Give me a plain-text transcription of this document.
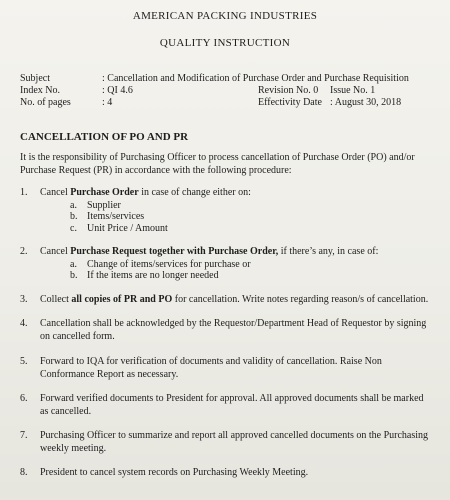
AMERICAN PACKING INDUSTRIES
QUALITY INSTRUCTION
Subject	: Cancellation and Modification of Purchase Order and Purchase Requisition
Index No.	: QI 4.6	Revision No. 0 Issue No. 1
No. of pages	: 4	Effectivity Date : August 30, 2018
CANCELLATION OF PO AND PR

It is the responsibility of Purchasing Officer to process cancellation of Purchase Order (PO) and/or Purchase Request (PR) in accordance with the following procedure:

1. Cancel Purchase Order in case of change either on:
a. Supplier
b. Items/services
c. Unit Price / Amount
2. Cancel Purchase Request together with Purchase Order, if there’s any, in case of:
a. Change of items/services for purchase or
b. If the items are no longer needed
3. Collect all copies of PR and PO for cancellation. Write notes regarding reason/s of cancellation.
4. Cancellation shall be acknowledged by the Requestor/Department Head of Requestor by signing on cancelled form.
5. Forward to IQA for verification of documents and validity of cancellation. Raise Non Conformance Report as necessary.
6. Forward verified documents to President for approval. All approved documents shall be marked as cancelled.
7. Purchasing Officer to summarize and report all approved cancelled documents on the Purchasing weekly meeting.
8. President to cancel system records on Purchasing Weekly Meeting.
